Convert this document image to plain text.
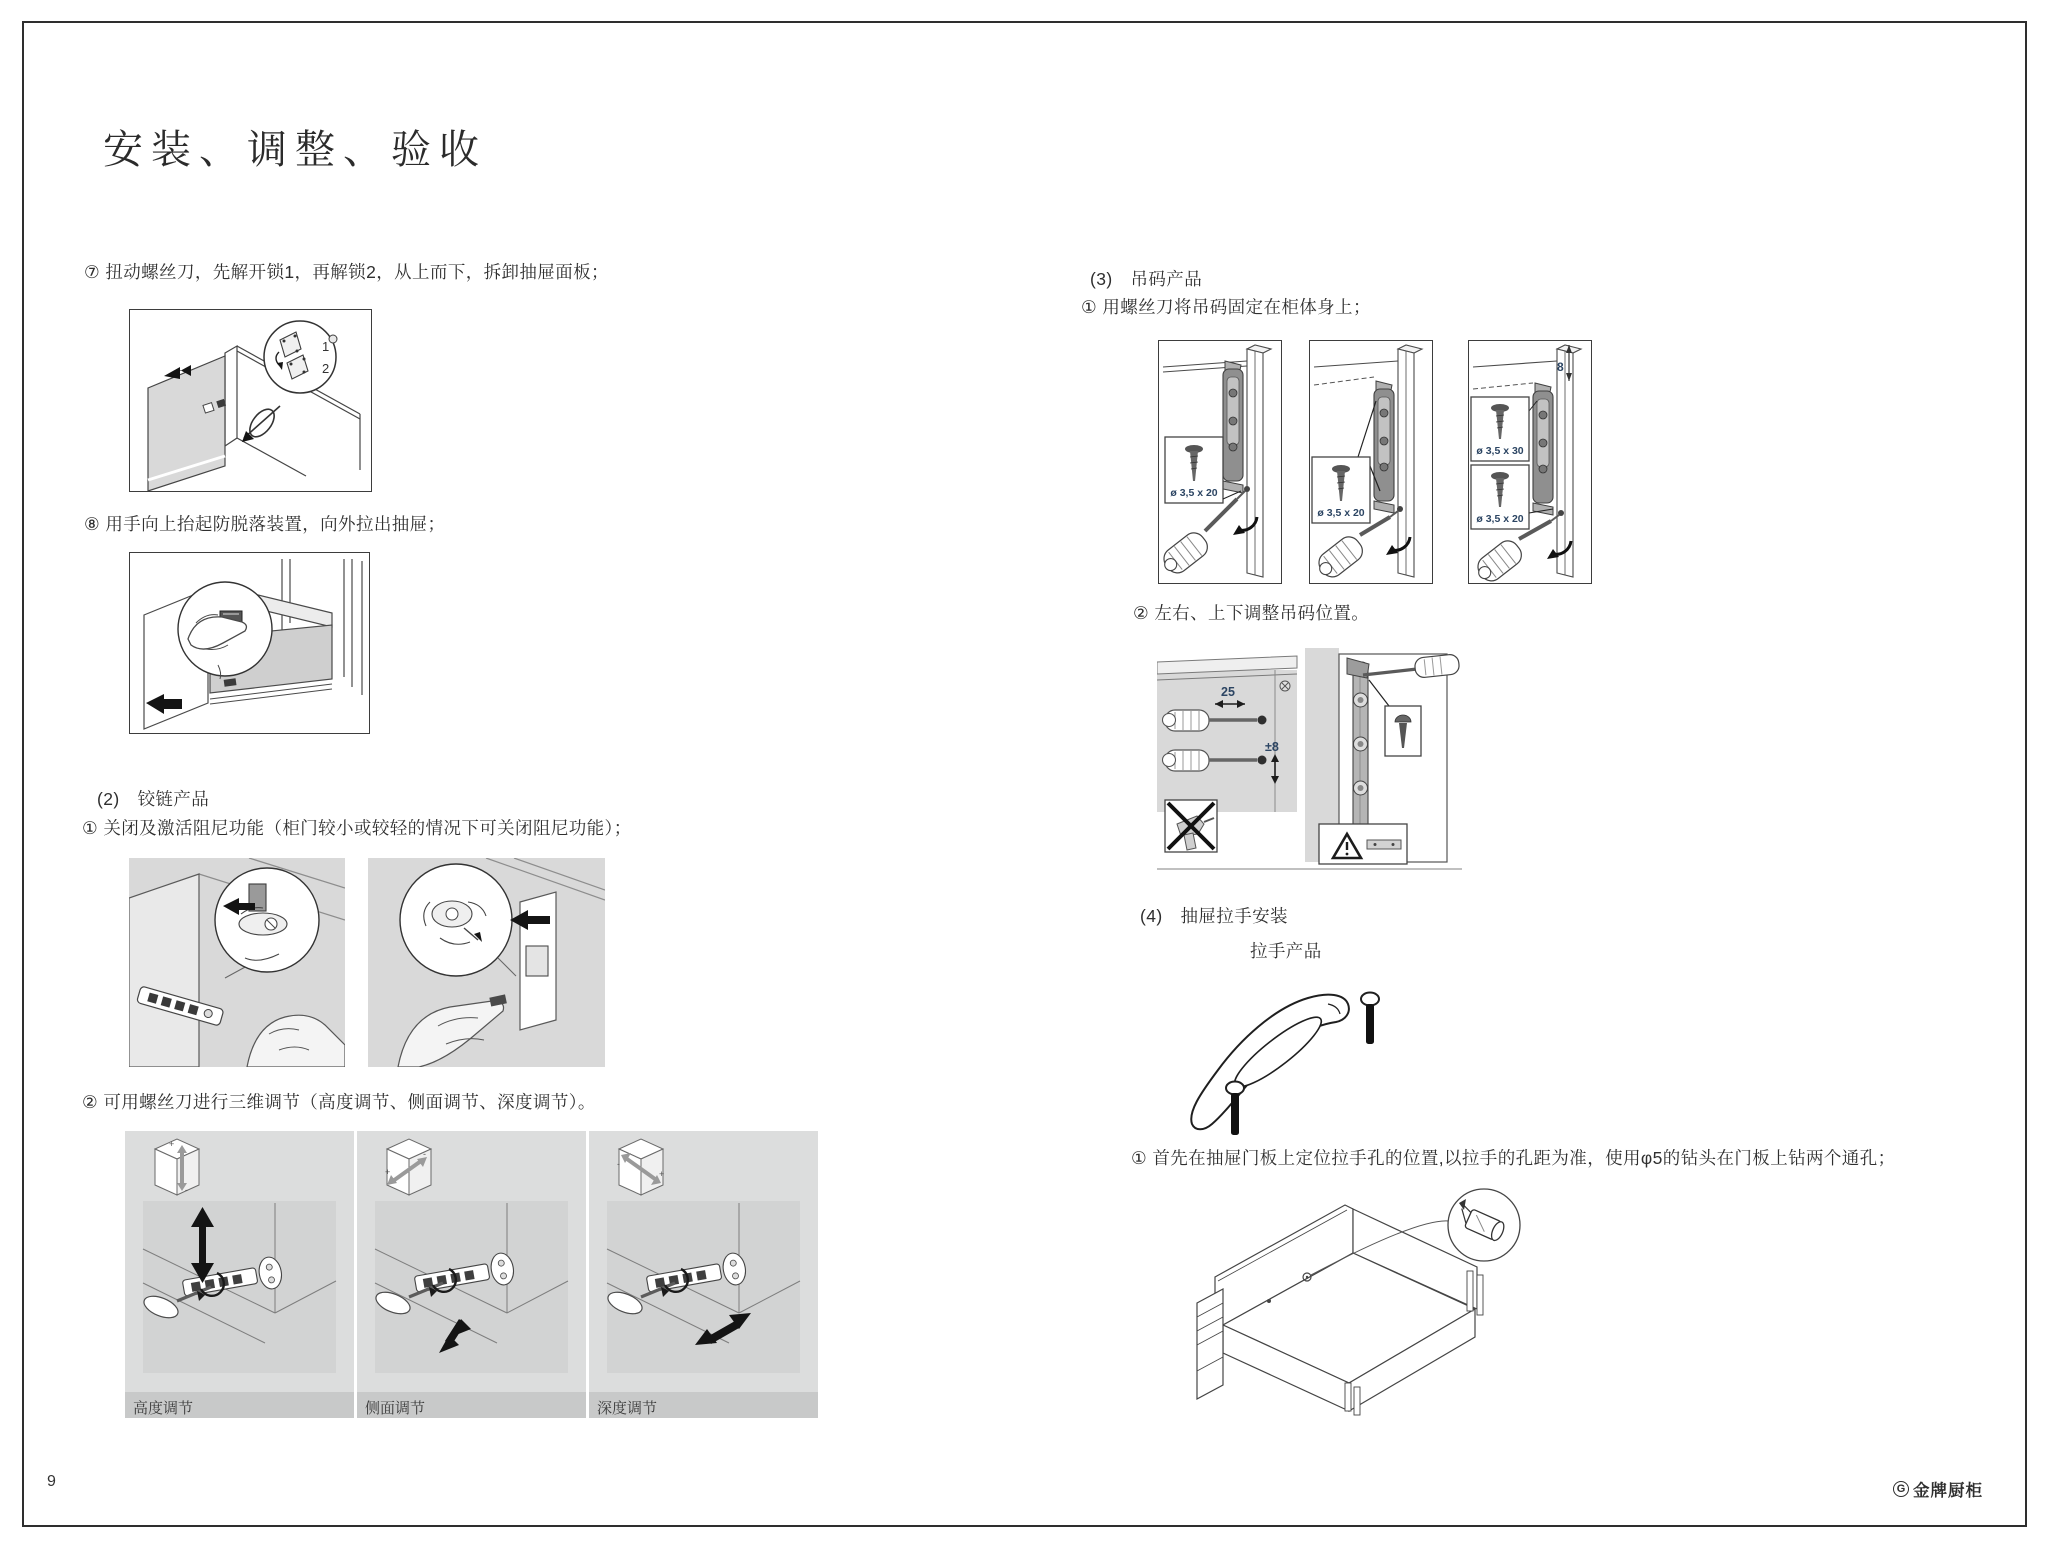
安装、调整、验收
⑦ 扭动螺丝刀，先解开锁1，再解锁2，从上而下，拆卸抽屉面板；
1
2
⑧ 用手向上抬起防脱落装置，向外拉出抽屉；
(2)　铰链产品
① 关闭及激活阻尼功能（柜门较小或较轻的情况下可关闭阻尼功能）；
② 可用螺丝刀进行三维调节（高度调节、侧面调节、深度调节）。
+
-
高度调节
+
-
侧面调节
-
+
深度调节
(3)　吊码产品
① 用螺丝刀将吊码固定在柜体身上；
ø 3,5 x 20
ø 3,5 x 20
8
ø 3,5 x 30
ø 3,5 x 20
② 左右、上下调整吊码位置。
25
±8
(4)　抽屉拉手安装
拉手产品
① 首先在抽屉门板上定位拉手孔的位置,以拉手的孔距为准，使用φ5的钻头在门板上钻两个通孔；
9	G 金牌厨柜
